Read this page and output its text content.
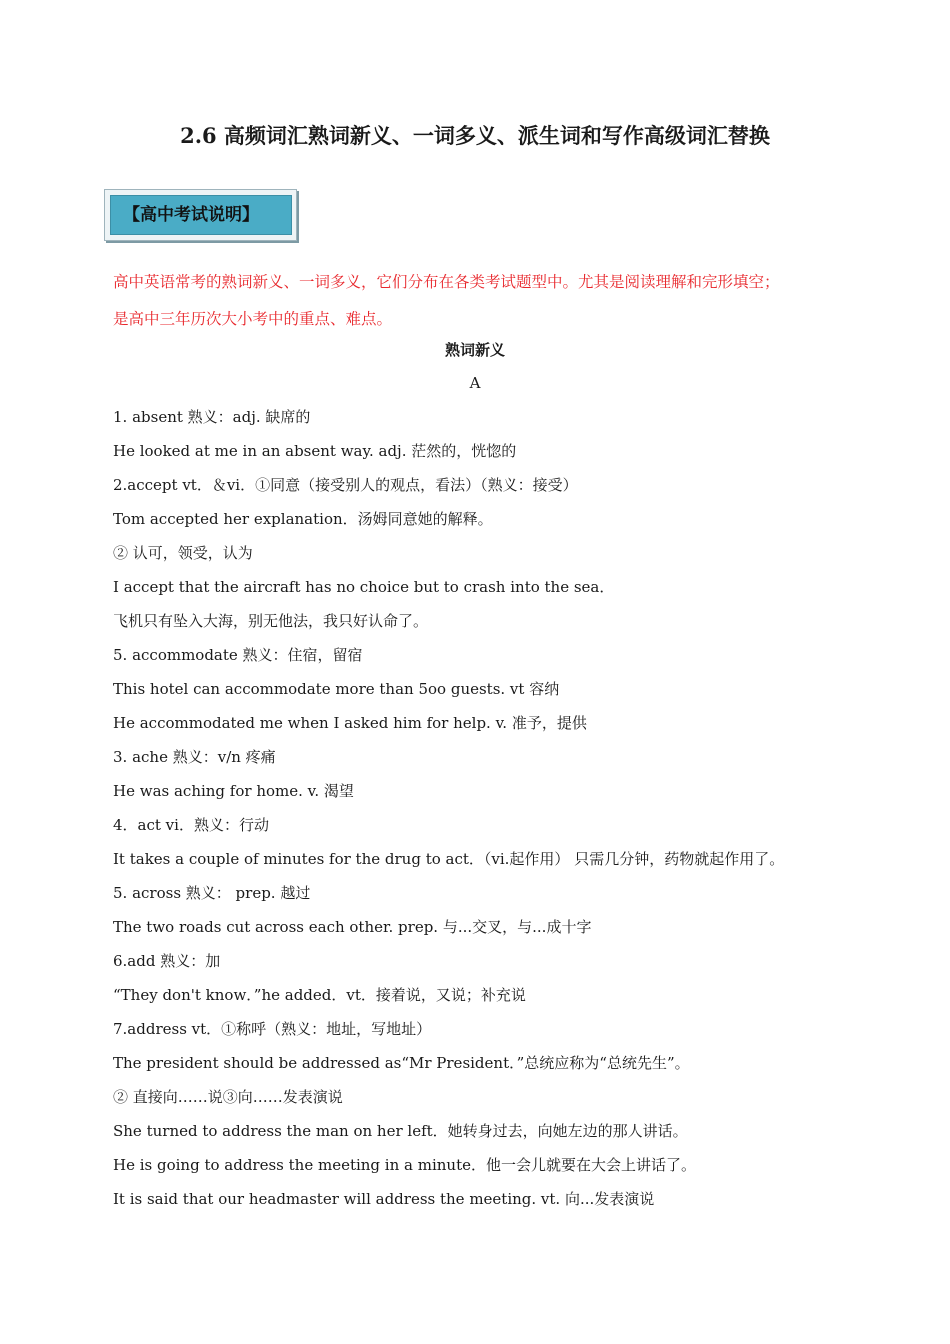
2.6 高频词汇熟词新义、一词多义、派生词和写作高级词汇替换
【高中考试说明】

高中英语常考的熟词新义、一词多义，它们分布在各类考试题型中。尤其是阅读理解和完形填空；
是高中三年历次大小考中的重点、难点。

熟词新义
A
1. absent 熟义：adj. 缺席的
He looked at me in an absent way. adj. 茫然的，恍惚的
2.accept vt．＆vi．①同意（接受别人的观点，看法）（熟义：接受）
Tom accepted her explanation．汤姆同意她的解释。
② 认可，领受，认为
I accept that the aircraft has no choice but to crash into the sea．
飞机只有坠入大海，别无他法，我只好认命了。
5. accommodate 熟义：住宿，留宿
This hotel can accommodate more than 5oo guests. vt 容纳
He accommodated me when I asked him for help. v. 准予，提供
3. ache 熟义：v/n 疼痛
He was aching for home. v. 渴望
4．act vi．熟义：行动
It takes a couple of minutes for the drug to act．（vi.起作用） 只需几分钟，药物就起作用了。
5. across 熟义： prep. 越过
The two roads cut across each other. prep. 与...交叉，与...成十字
6.add 熟义：加
“They don't know．”he added．vt．接着说，又说；补充说
7.address vt．①称呼（熟义：地址，写地址）
The president should be addressed as“Mr President．”总统应称为“总统先生”。
② 直接向……说③向……发表演说
She turned to address the man on her left．她转身过去，向她左边的那人讲话。
He is going to address the meeting in a minute．他一会儿就要在大会上讲话了。
It is said that our headmaster will address the meeting. vt. 向...发表演说
